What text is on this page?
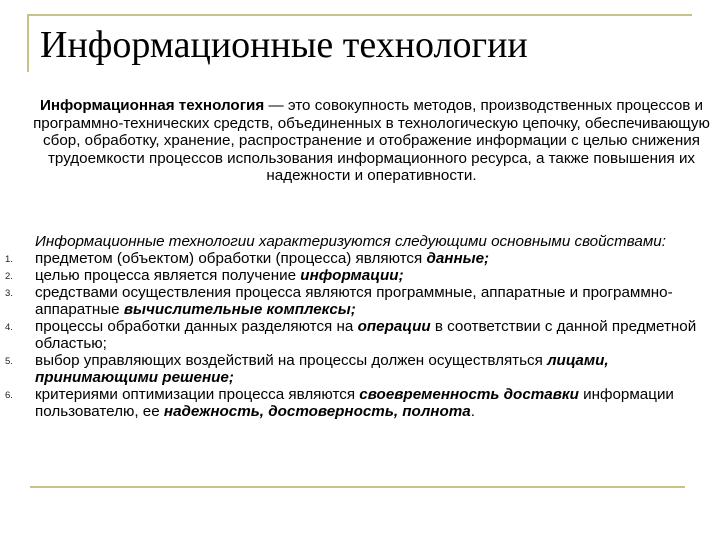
Информационные технологии

Информационная технология — это совокупность методов, производственных процессов и программно-технических средств, объединенных в технологическую цепочку, обеспечивающую сбор, обработку, хранение, распространение и отображение информации с целью снижения трудоемкости процессов использования информационного ресурса, а также повышения их надежности и оперативности.

Информационные технологии характеризуются следующими основными свойствами:

1. предметом (объектом) обработки (процесса) являются данные;
2. целью процесса является получение информации;
3. средствами осуществления процесса являются программные, аппаратные и программно-аппаратные вычислительные комплексы;
4. процессы обработки данных разделяются на операции в соответствии с данной предметной областью;
5. выбор управляющих воздействий на процессы должен осуществляться лицами, принимающими решение;
6. критериями оптимизации процесса являются своевременность доставки информации пользователю, ее надежность, достоверность, полнота.
